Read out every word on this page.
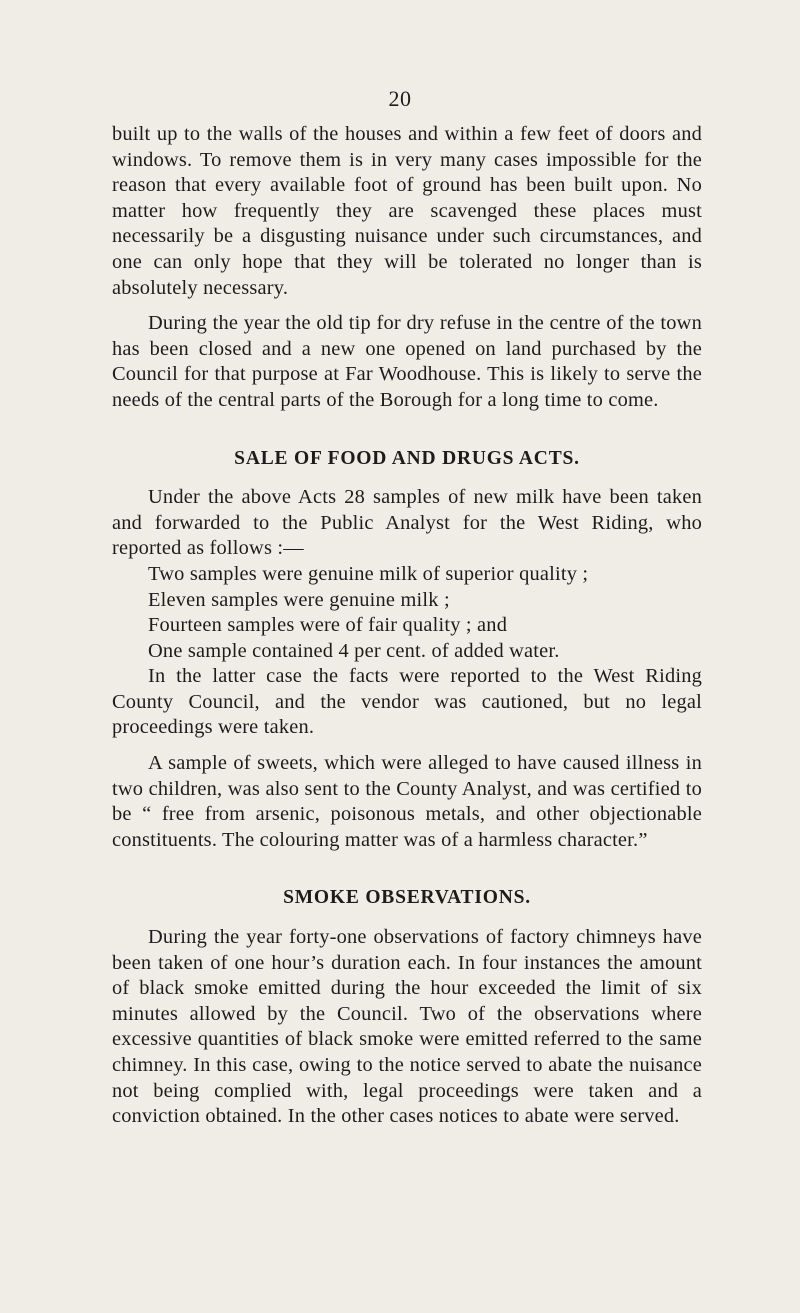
20

built up to the walls of the houses and within a few feet of doors and windows. To remove them is in very many cases impossible for the reason that every available foot of ground has been built upon. No matter how frequently they are scavenged these places must necessarily be a disgusting nuisance under such circumstances, and one can only hope that they will be tolerated no longer than is absolutely necessary.

During the year the old tip for dry refuse in the centre of the town has been closed and a new one opened on land purchased by the Council for that purpose at Far Woodhouse. This is likely to serve the needs of the central parts of the Borough for a long time to come.

SALE OF FOOD AND DRUGS ACTS.

Under the above Acts 28 samples of new milk have been taken and forwarded to the Public Analyst for the West Riding, who reported as follows :—

Two samples were genuine milk of superior quality ;
Eleven samples were genuine milk ;
Fourteen samples were of fair quality ; and
One sample contained 4 per cent. of added water.

In the latter case the facts were reported to the West Riding County Council, and the vendor was cautioned, but no legal proceedings were taken.

A sample of sweets, which were alleged to have caused illness in two children, was also sent to the County Analyst, and was certified to be “ free from arsenic, poisonous metals, and other objectionable constituents. The colouring matter was of a harmless character.”

SMOKE OBSERVATIONS.

During the year forty-one observations of factory chimneys have been taken of one hour’s duration each. In four instances the amount of black smoke emitted during the hour exceeded the limit of six minutes allowed by the Council. Two of the observations where excessive quantities of black smoke were emitted referred to the same chimney. In this case, owing to the notice served to abate the nuisance not being complied with, legal proceedings were taken and a conviction obtained. In the other cases notices to abate were served.
